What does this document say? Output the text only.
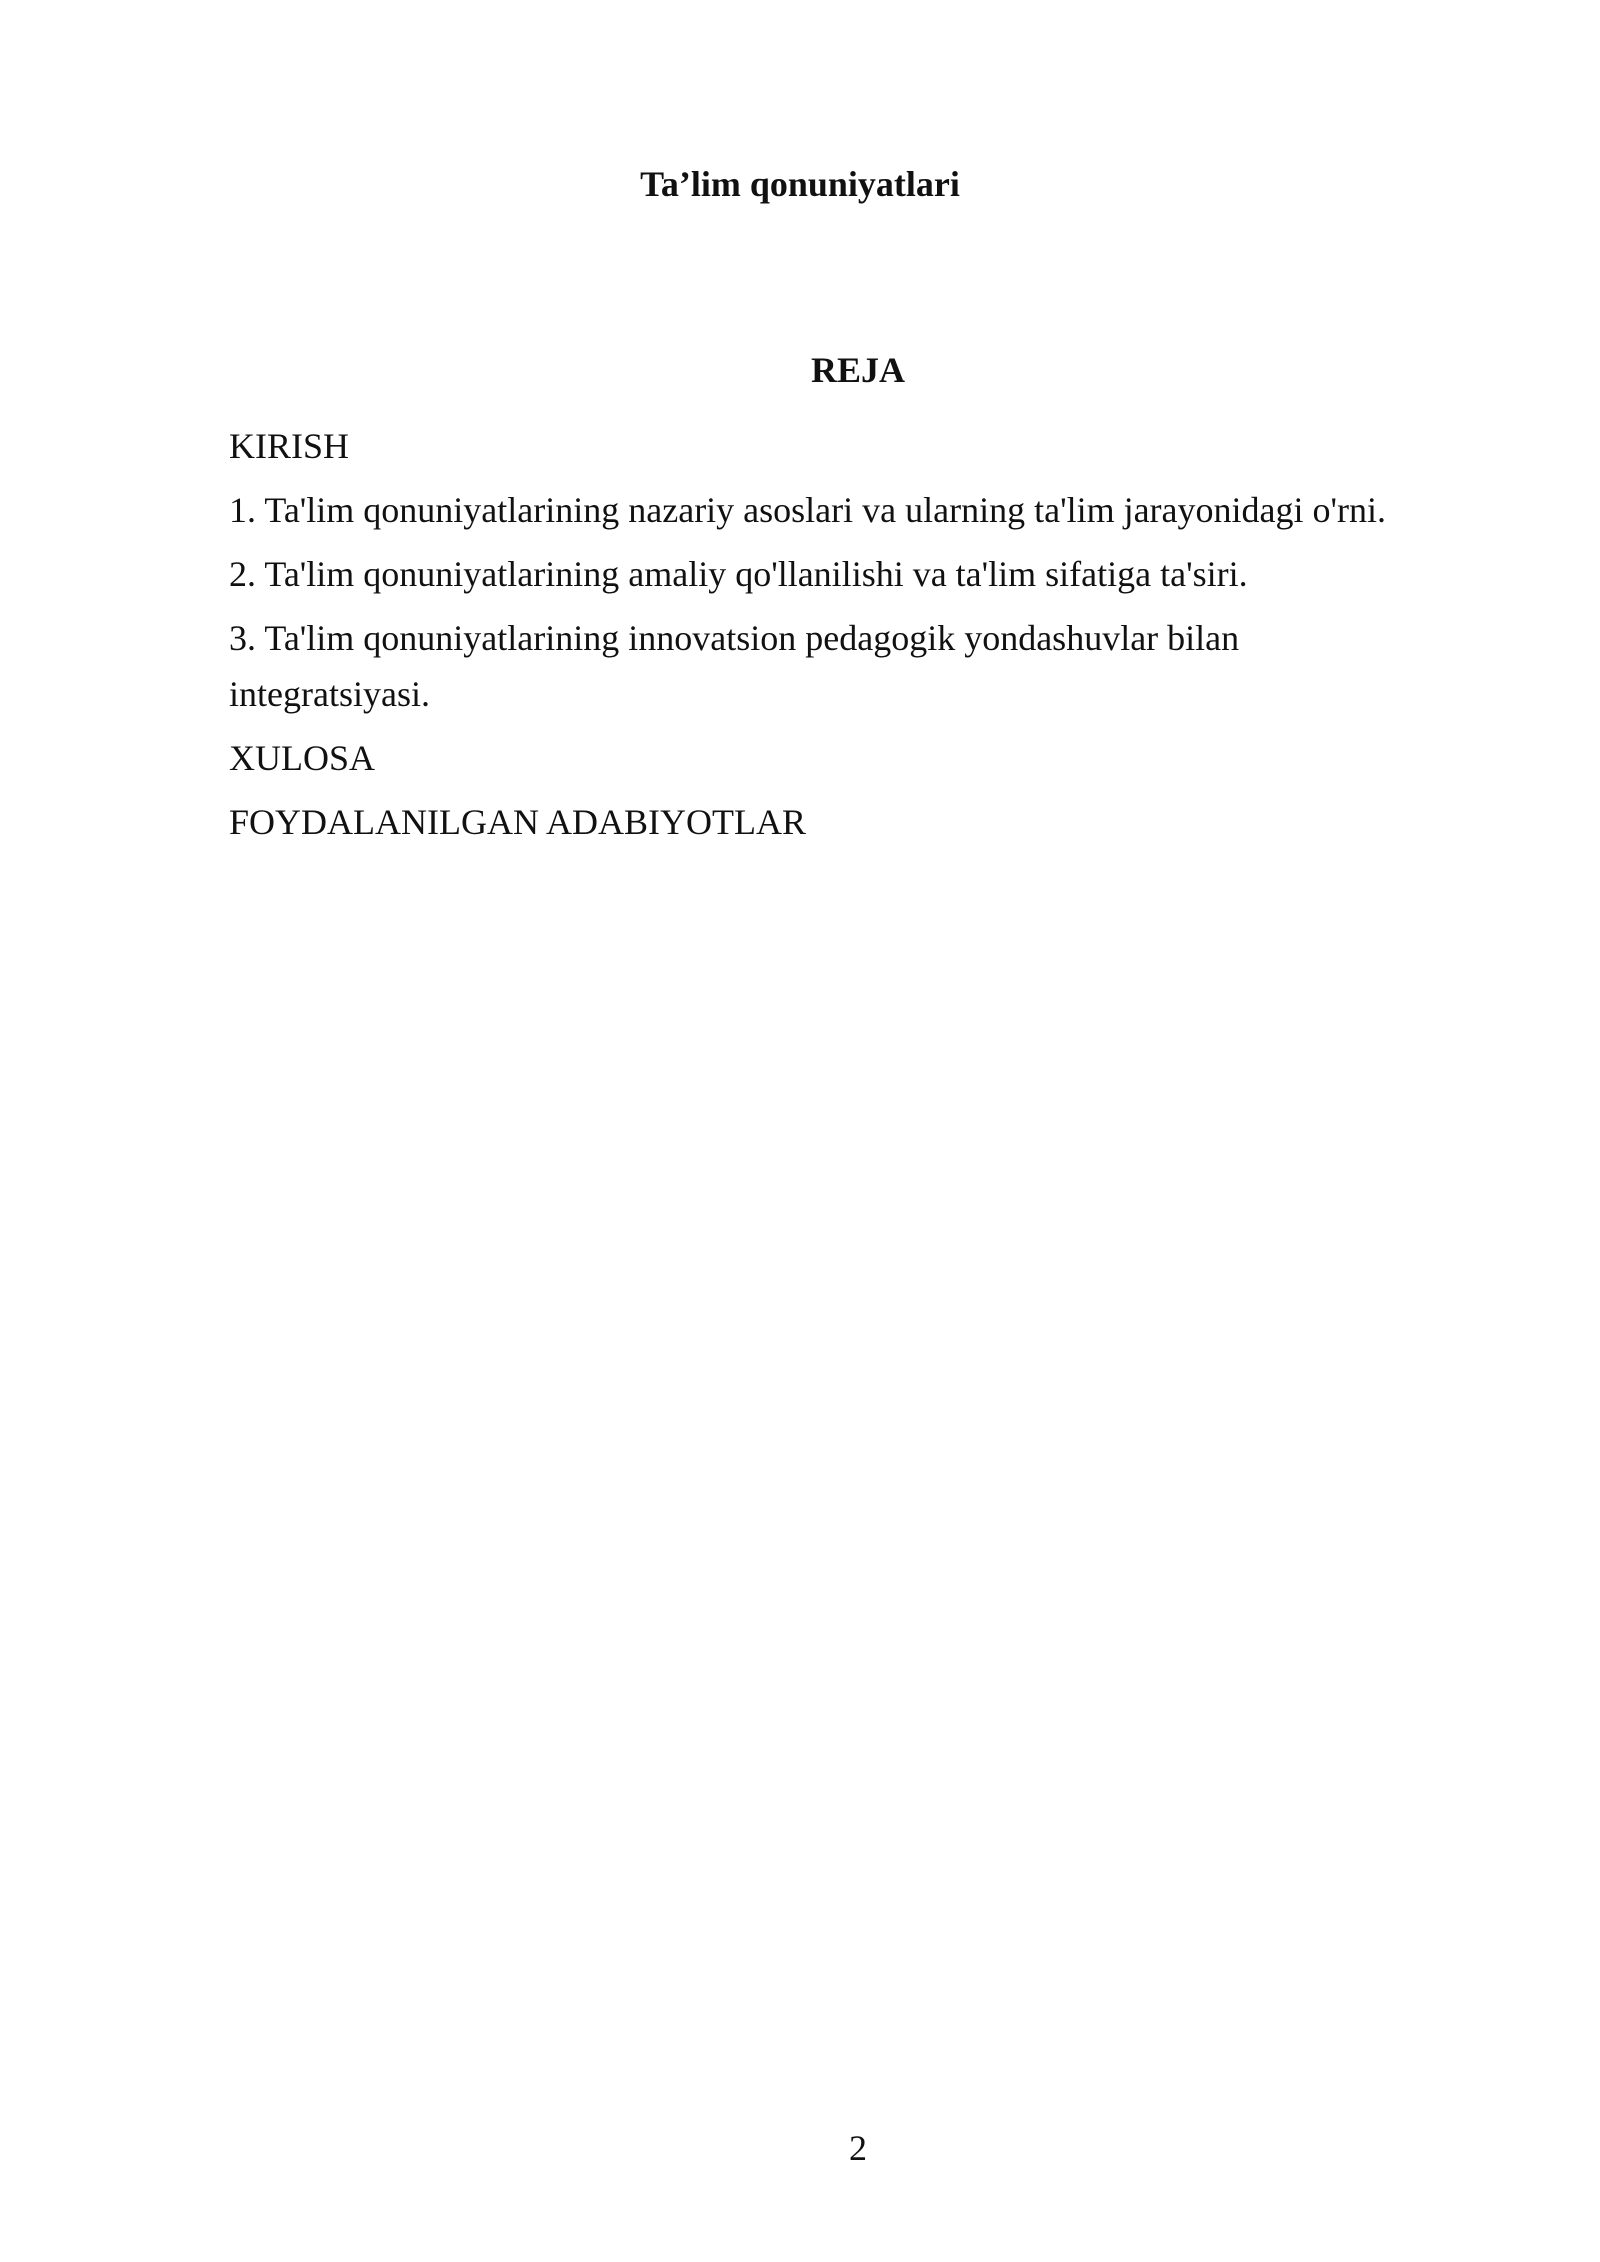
Ta’lim qonuniyatlari
REJA
KIRISH
1. Ta'lim qonuniyatlarining nazariy asoslari va ularning ta'lim jarayonidagi o'rni.
2. Ta'lim qonuniyatlarining amaliy qo'llanilishi va ta'lim sifatiga ta'siri.
3. Ta'lim qonuniyatlarining innovatsion pedagogik yondashuvlar bilan integratsiyasi.
XULOSA
FOYDALANILGAN ADABIYOTLAR
2
